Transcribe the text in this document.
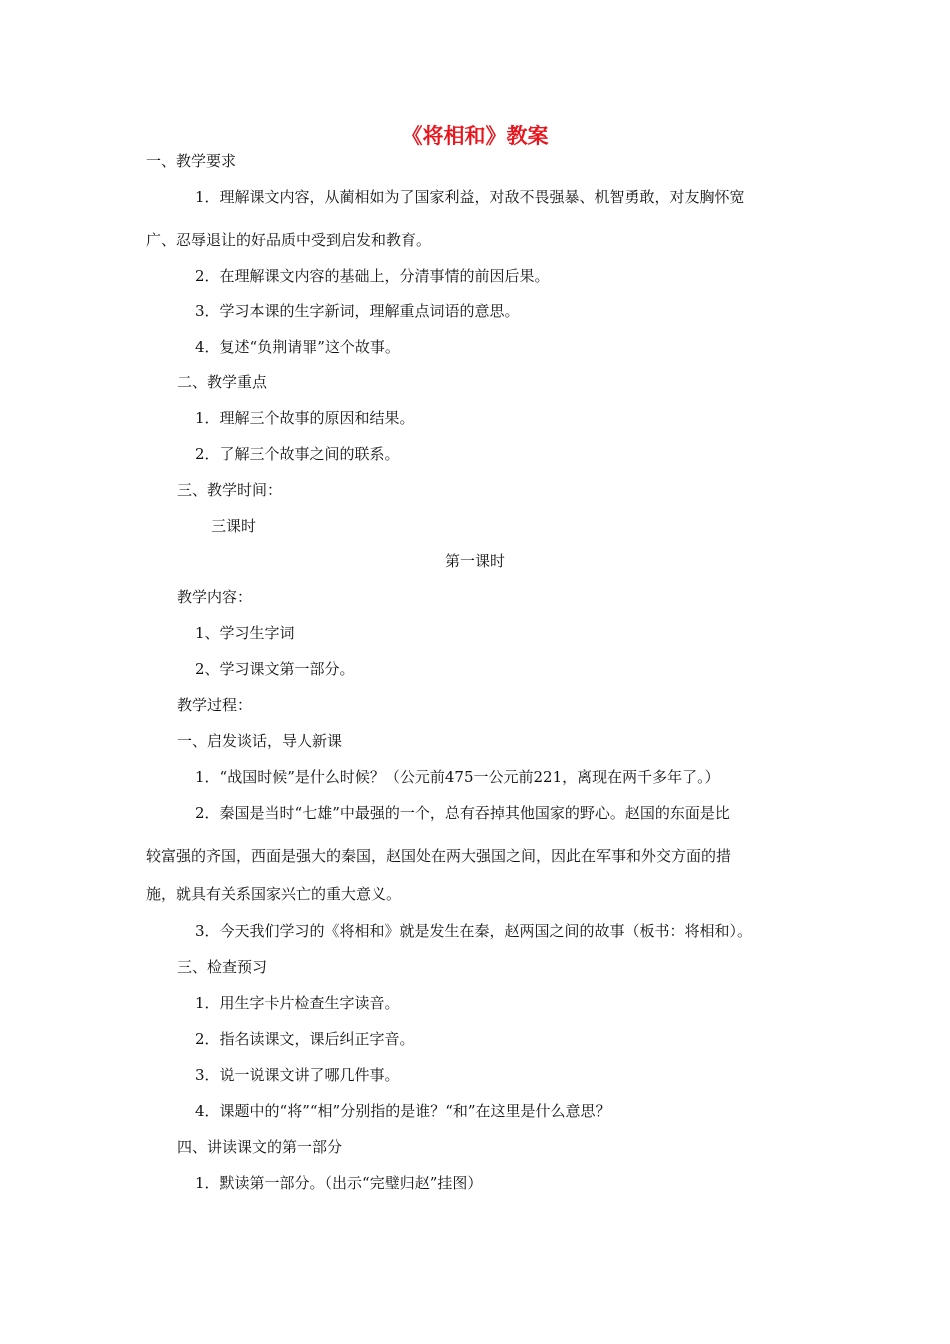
《将相和》教案
一、教学要求
1．理解课文内容，从蔺相如为了国家利益，对敌不畏强暴、机智勇敢，对友胸怀宽
广、忍辱退让的好品质中受到启发和教育。
2．在理解课文内容的基础上，分清事情的前因后果。
3．学习本课的生字新词，理解重点词语的意思。
4．复述“负荆请罪”这个故事。
二、教学重点
1．理解三个故事的原因和结果。
2．了解三个故事之间的联系。
三、教学时间：
三课时
第一课时
教学内容：
1、学习生字词
2、学习课文第一部分。
教学过程：
一、启发谈话，导人新课
1．“战国时候”是什么时候？（公元前475一公元前221，离现在两千多年了。）
2．秦国是当时“七雄”中最强的一个，总有吞掉其他国家的野心。赵国的东面是比
较富强的齐国，西面是强大的秦国，赵国处在两大强国之间，因此在军事和外交方面的措
施，就具有关系国家兴亡的重大意义。
3．今天我们学习的《将相和》就是发生在秦，赵两国之间的故事（板书：将相和）。
三、检查预习
1．用生字卡片检查生字读音。
2．指名读课文，课后纠正字音。
3．说一说课文讲了哪几件事。
4．课题中的“将”“相”分别指的是谁？“和”在这里是什么意思？
四、讲读课文的第一部分
1．默读第一部分。（出示“完璧归赵”挂图）
